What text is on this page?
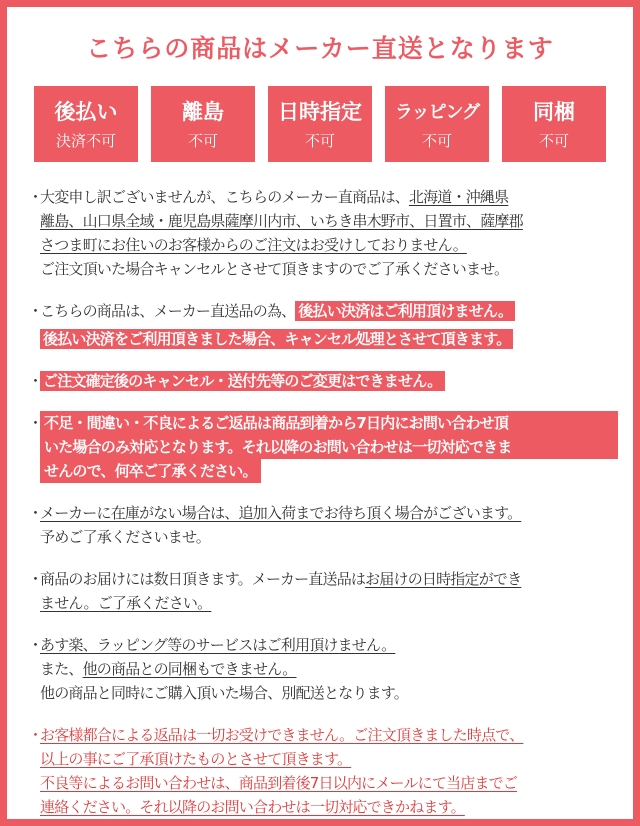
こちらの商品はメーカー直送となります
後払い
決済不可
離島
不可
日時指定
不可
ラッピング
不可
同梱
不可
・
大変申し訳ございませんが、こちらのメーカー直商品は、北海道・沖縄県
離島、山口県全域・鹿児島県薩摩川内市、いちき串木野市、日置市、薩摩郡
さつま町にお住いのお客様からのご注文はお受けしておりません。
ご注文頂いた場合キャンセルとさせて頂きますのでご了承くださいませ。
・
こちらの商品は、メーカー直送品の為、 後払い決済はご利用頂けません。
後払い決済をご利用頂きました場合、キャンセル処理とさせて頂きます。
・ ご注文確定後のキャンセル・送付先等のご変更はできません。
・ 不足・間違い・不良によるご返品は商品到着から7日内にお問い合わせ頂
いた場合のみ対応となります。それ以降のお問い合わせは一切対応できま
せんので、何卒ご了承ください。
・
メーカーに在庫がない場合は、追加入荷までお待ち頂く場合がございます。
予めご了承くださいませ。
・
商品のお届けには数日頂きます。メーカー直送品はお届けの日時指定ができ
ません。ご了承ください。
・
あす楽、ラッピング等のサービスはご利用頂けません。
また、他の商品との同梱もできません。
他の商品と同時にご購入頂いた場合、別配送となります。
・
お客様都合による返品は一切お受けできません。ご注文頂きました時点で、
以上の事にご了承頂けたものとさせて頂きます。
不良等によるお問い合わせは、商品到着後7日以内にメールにて当店までご
連絡ください。それ以降のお問い合わせは一切対応できかねます。
